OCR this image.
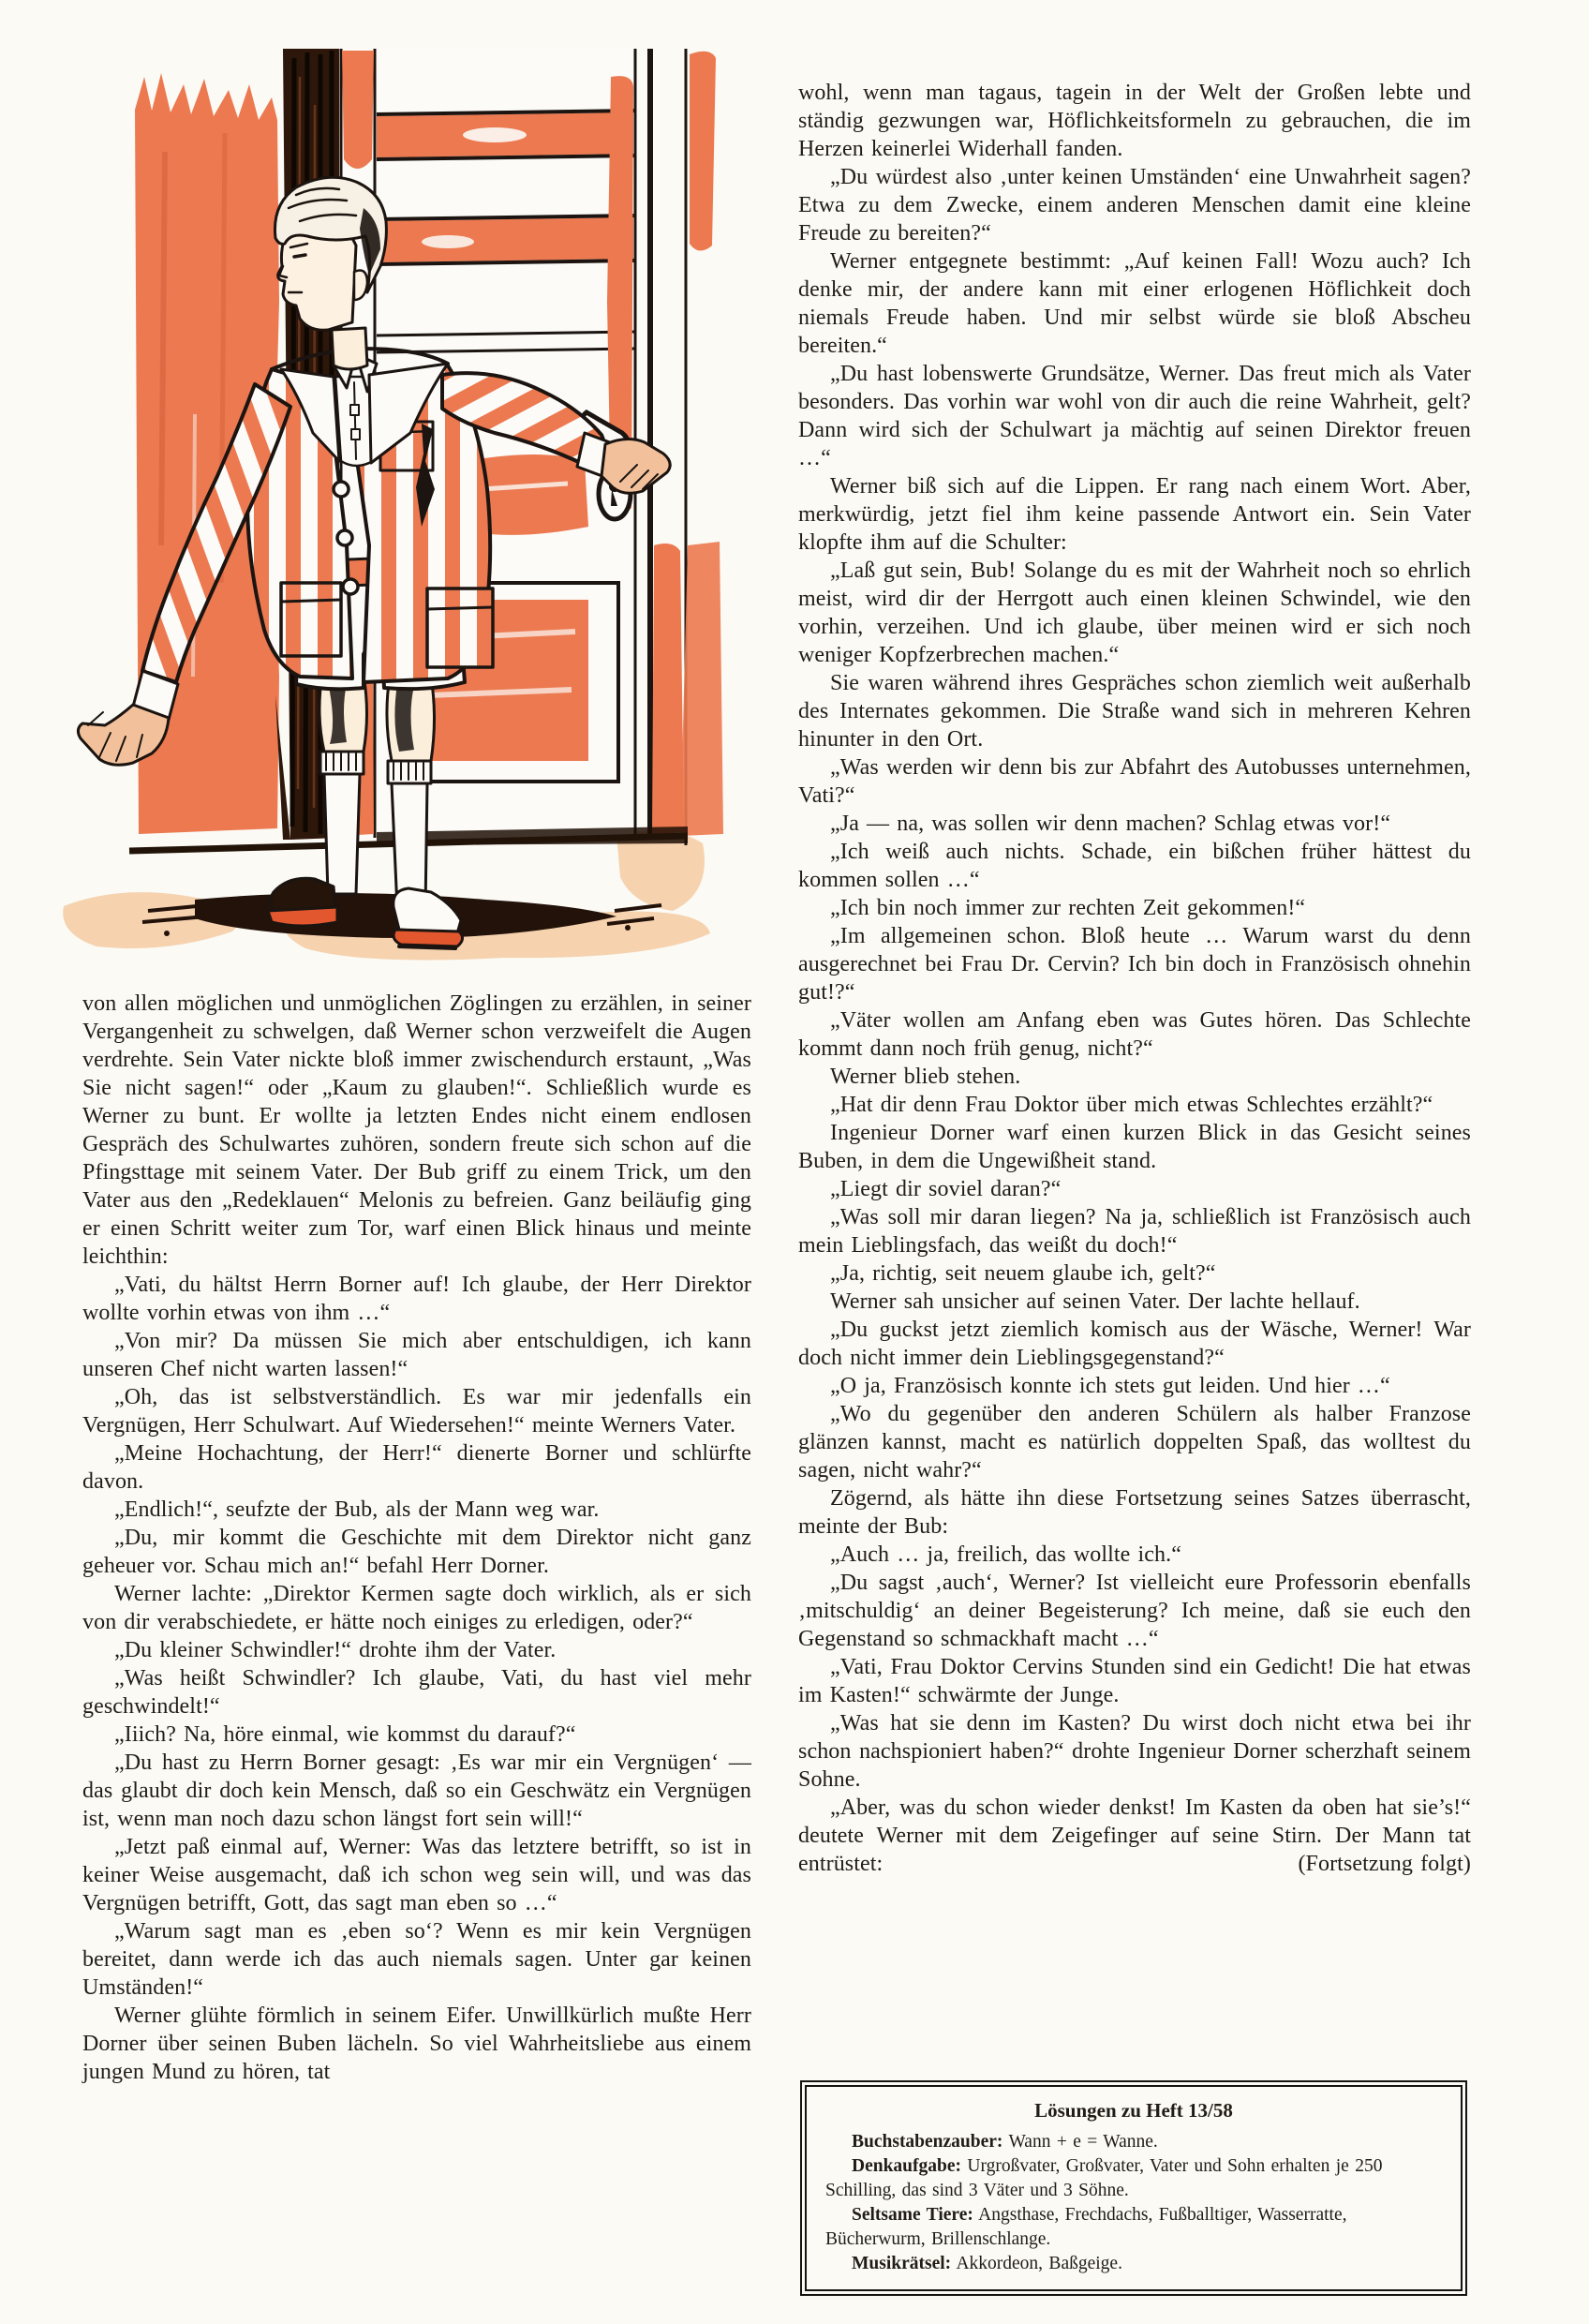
von allen möglichen und unmöglichen Zöglingen zu erzählen, in seiner Vergangenheit zu schwelgen, daß Werner schon verzweifelt die Augen verdrehte. Sein Vater nickte bloß immer zwischendurch erstaunt, „Was Sie nicht sagen!“ oder „Kaum zu glauben!“. Schließlich wurde es Werner zu bunt. Er wollte ja letzten Endes nicht einem endlosen Gespräch des Schulwartes zuhören, sondern freute sich schon auf die Pfingsttage mit seinem Vater. Der Bub griff zu einem Trick, um den Vater aus den „Redeklauen“ Melonis zu befreien. Ganz beiläufig ging er einen Schritt weiter zum Tor, warf einen Blick hinaus und meinte leichthin:

„Vati, du hältst Herrn Borner auf! Ich glaube, der Herr Direktor wollte vorhin etwas von ihm …“

„Von mir? Da müssen Sie mich aber entschuldigen, ich kann unseren Chef nicht warten lassen!“

„Oh, das ist selbstverständlich. Es war mir jedenfalls ein Vergnügen, Herr Schulwart. Auf Wiedersehen!“ meinte Werners Vater.

„Meine Hochachtung, der Herr!“ dienerte Borner und schlürfte davon.

„Endlich!“, seufzte der Bub, als der Mann weg war.

„Du, mir kommt die Geschichte mit dem Direktor nicht ganz geheuer vor. Schau mich an!“ befahl Herr Dorner.

Werner lachte: „Direktor Kermen sagte doch wirklich, als er sich von dir verabschiedete, er hätte noch einiges zu erledigen, oder?“

„Du kleiner Schwindler!“ drohte ihm der Vater.

„Was heißt Schwindler? Ich glaube, Vati, du hast viel mehr geschwindelt!“

„Iiich? Na, höre einmal, wie kommst du darauf?“

„Du hast zu Herrn Borner gesagt: ‚Es war mir ein Vergnügen‘ — das glaubt dir doch kein Mensch, daß so ein Geschwätz ein Vergnügen ist, wenn man noch dazu schon längst fort sein will!“

„Jetzt paß einmal auf, Werner: Was das letztere betrifft, so ist in keiner Weise ausgemacht, daß ich schon weg sein will, und was das Vergnügen betrifft, Gott, das sagt man eben so …“

„Warum sagt man es ‚eben so‘? Wenn es mir kein Vergnügen bereitet, dann werde ich das auch niemals sagen. Unter gar keinen Umständen!“

Werner glühte förmlich in seinem Eifer. Unwillkürlich mußte Herr Dorner über seinen Buben lächeln. So viel Wahrheitsliebe aus einem jungen Mund zu hören, tat

wohl, wenn man tagaus, tagein in der Welt der Großen lebte und ständig gezwungen war, Höflichkeitsformeln zu gebrauchen, die im Herzen keinerlei Widerhall fanden.

„Du würdest also ‚unter keinen Umständen‘ eine Unwahrheit sagen? Etwa zu dem Zwecke, einem anderen Menschen damit eine kleine Freude zu bereiten?“

Werner entgegnete bestimmt: „Auf keinen Fall! Wozu auch? Ich denke mir, der andere kann mit einer erlogenen Höflichkeit doch niemals Freude haben. Und mir selbst würde sie bloß Abscheu bereiten.“

„Du hast lobenswerte Grundsätze, Werner. Das freut mich als Vater besonders. Das vorhin war wohl von dir auch die reine Wahrheit, gelt? Dann wird sich der Schulwart ja mächtig auf seinen Direktor freuen …“

Werner biß sich auf die Lippen. Er rang nach einem Wort. Aber, merkwürdig, jetzt fiel ihm keine passende Antwort ein. Sein Vater klopfte ihm auf die Schulter:

„Laß gut sein, Bub! Solange du es mit der Wahrheit noch so ehrlich meist, wird dir der Herrgott auch einen kleinen Schwindel, wie den vorhin, verzeihen. Und ich glaube, über meinen wird er sich noch weniger Kopfzerbrechen machen.“

Sie waren während ihres Gespräches schon ziemlich weit außerhalb des Internates gekommen. Die Straße wand sich in mehreren Kehren hinunter in den Ort.

„Was werden wir denn bis zur Abfahrt des Autobusses unternehmen, Vati?“

„Ja — na, was sollen wir denn machen? Schlag etwas vor!“

„Ich weiß auch nichts. Schade, ein bißchen früher hättest du kommen sollen …“

„Ich bin noch immer zur rechten Zeit gekommen!“

„Im allgemeinen schon. Bloß heute … Warum warst du denn ausgerechnet bei Frau Dr. Cervin? Ich bin doch in Französisch ohnehin gut!?“

„Väter wollen am Anfang eben was Gutes hören. Das Schlechte kommt dann noch früh genug, nicht?“

Werner blieb stehen.

„Hat dir denn Frau Doktor über mich etwas Schlechtes erzählt?“

Ingenieur Dorner warf einen kurzen Blick in das Gesicht seines Buben, in dem die Ungewißheit stand.

„Liegt dir soviel daran?“

„Was soll mir daran liegen? Na ja, schließlich ist Französisch auch mein Lieblingsfach, das weißt du doch!“

„Ja, richtig, seit neuem glaube ich, gelt?“

Werner sah unsicher auf seinen Vater. Der lachte hellauf.

„Du guckst jetzt ziemlich komisch aus der Wäsche, Werner! War doch nicht immer dein Lieblingsgegenstand?“

„O ja, Französisch konnte ich stets gut leiden. Und hier …“

„Wo du gegenüber den anderen Schülern als halber Franzose glänzen kannst, macht es natürlich doppelten Spaß, das wolltest du sagen, nicht wahr?“

Zögernd, als hätte ihn diese Fortsetzung seines Satzes überrascht, meinte der Bub:

„Auch … ja, freilich, das wollte ich.“

„Du sagst ‚auch‘, Werner? Ist vielleicht eure Professorin ebenfalls ‚mitschuldig‘ an deiner Begeisterung? Ich meine, daß sie euch den Gegenstand so schmackhaft macht …“

„Vati, Frau Doktor Cervins Stunden sind ein Gedicht! Die hat etwas im Kasten!“ schwärmte der Junge.

„Was hat sie denn im Kasten? Du wirst doch nicht etwa bei ihr schon nachspioniert haben?“ drohte Ingenieur Dorner scherzhaft seinem Sohne.

„Aber, was du schon wieder denkst! Im Kasten da oben hat sie’s!“ deutete Werner mit dem Zeigefinger auf seine Stirn. Der Mann tat entrüstet:	(Fortsetzung folgt)

Lösungen zu Heft 13/58

Buchstabenzauber: Wann + e = Wanne.

Denkaufgabe: Urgroßvater, Großvater, Vater und Sohn erhalten je 250 Schilling, das sind 3 Väter und 3 Söhne.

Seltsame Tiere: Angsthase, Frechdachs, Fußballtiger, Wasserratte, Bücherwurm, Brillenschlange.

Musikrätsel: Akkordeon, Baßgeige.
